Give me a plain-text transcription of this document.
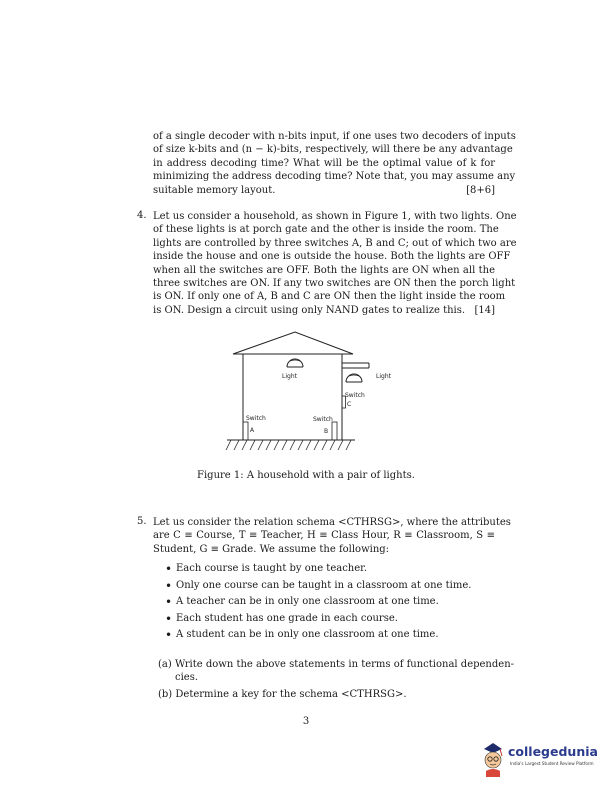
of a single decoder with n-bits input, if one uses two decoders of inputs
of size k-bits and (n − k)-bits, respectively, will there be any advantage
in address decoding time? What will be the optimal value of k for
minimizing the address decoding time? Note that, you may assume any
suitable memory layout.	[8+6]
4. Let us consider a household, as shown in Figure 1, with two lights. One
of these lights is at porch gate and the other is inside the room. The
lights are controlled by three switches A, B and C; out of which two are
inside the house and one is outside the house. Both the lights are OFF
when all the switches are OFF. Both the lights are ON when all the
three switches are ON. If any two switches are ON then the porch light
is ON. If only one of A, B and C are ON then the light inside the room
is ON. Design a circuit using only NAND gates to realize this. [14]
Light	Light
Switch
C
Switch
A
Switch
B
Figure 1: A household with a pair of lights.
5. Let us consider the relation schema <CTHRSG>, where the attributes
are C ≡ Course, T ≡ Teacher, H ≡ Class Hour, R ≡ Classroom, S ≡
Student, G ≡ Grade. We assume the following:
• Each course is taught by one teacher.
• Only one course can be taught in a classroom at one time.
• A teacher can be in only one classroom at one time.
• Each student has one grade in each course.
• A student can be in only one classroom at one time.
(a) Write down the above statements in terms of functional dependen-
cies.
(b) Determine a key for the schema <CTHRSG>.
3
collegedunia
India's Largest Student Review Platform
